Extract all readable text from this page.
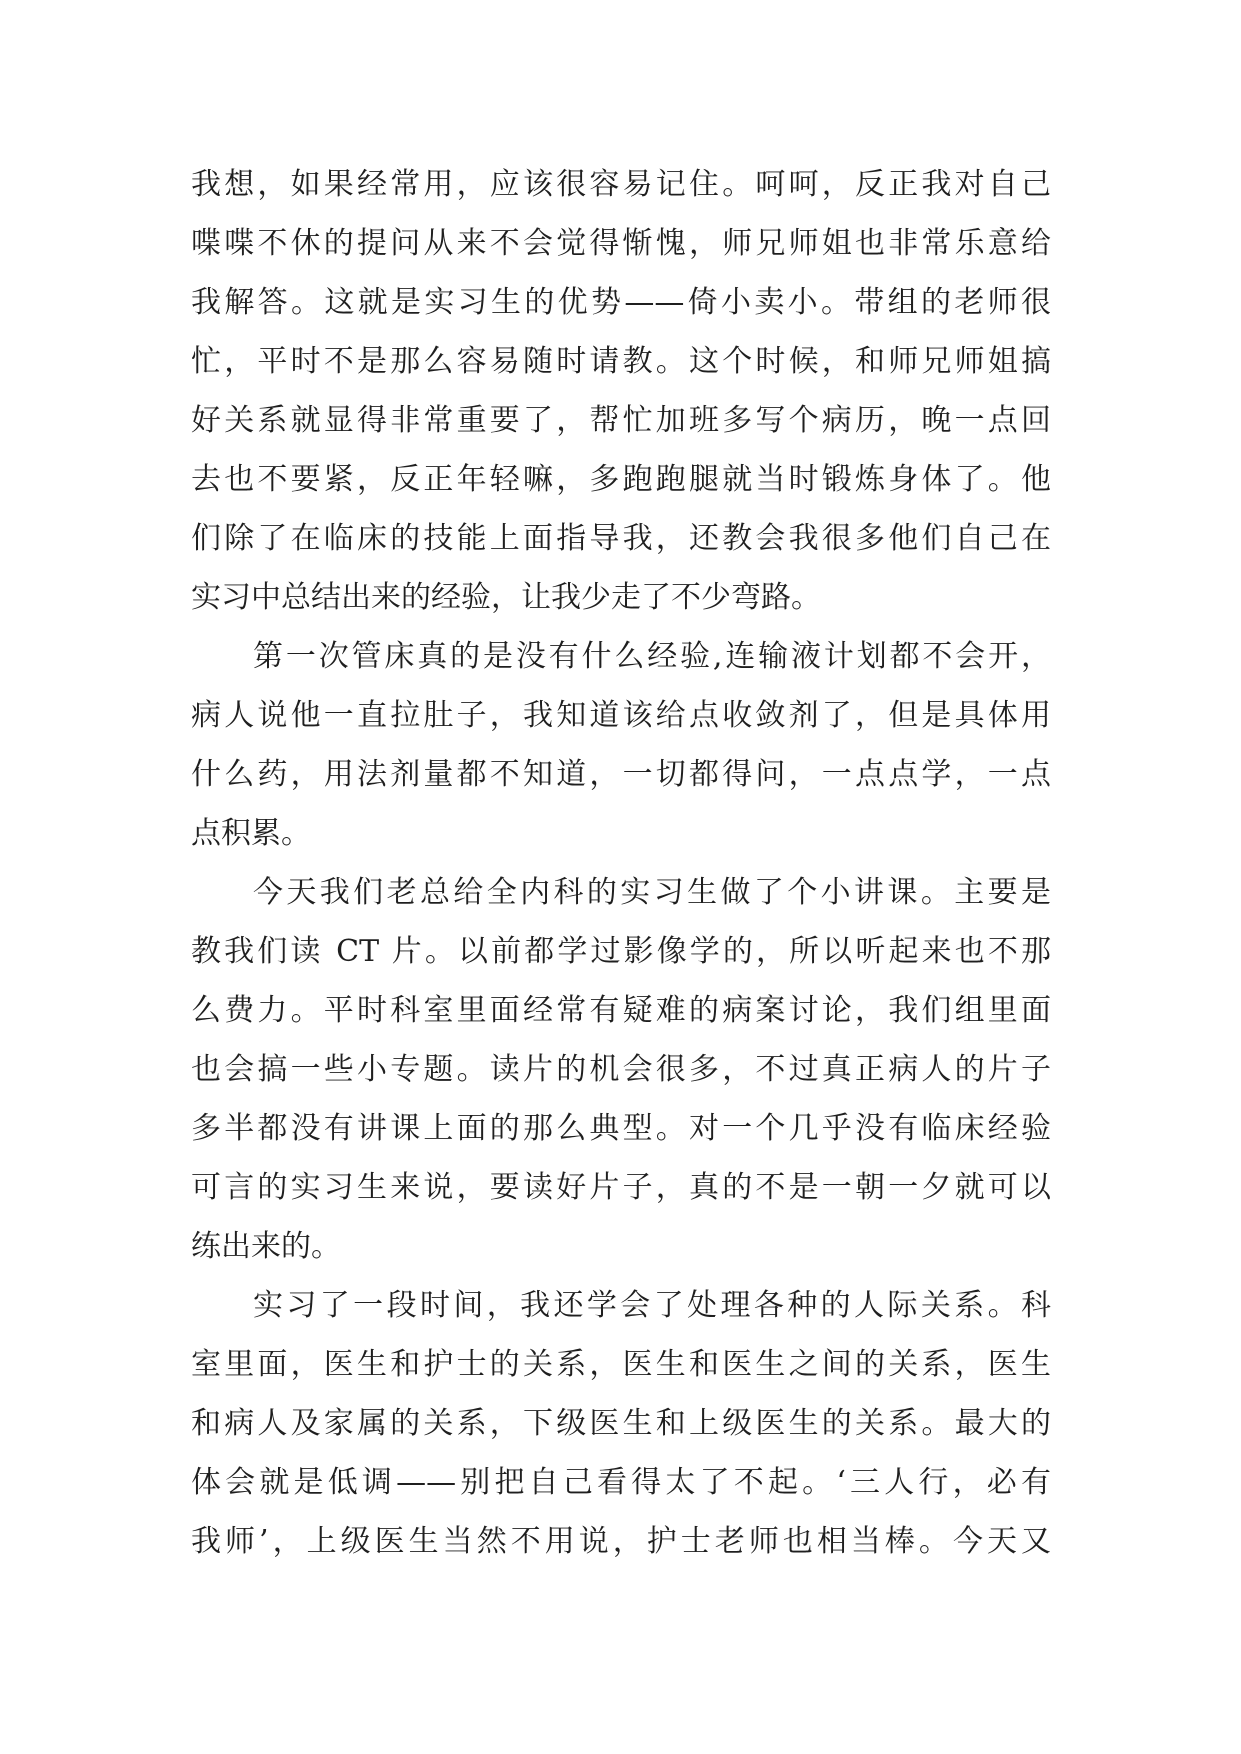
我想，如果经常用，应该很容易记住。呵呵，反正我对自己
喋喋不休的提问从来不会觉得惭愧，师兄师姐也非常乐意给
我解答。这就是实习生的优势——倚小卖小。带组的老师很
忙，平时不是那么容易随时请教。这个时候，和师兄师姐搞
好关系就显得非常重要了，帮忙加班多写个病历，晚一点回
去也不要紧，反正年轻嘛，多跑跑腿就当时锻炼身体了。他
们除了在临床的技能上面指导我，还教会我很多他们自己在
实习中总结出来的经验，让我少走了不少弯路。
第一次管床真的是没有什么经验,连输液计划都不会开，
病人说他一直拉肚子，我知道该给点收敛剂了，但是具体用
什么药，用法剂量都不知道，一切都得问，一点点学，一点
点积累。
今天我们老总给全内科的实习生做了个小讲课。主要是
教我们读 CT 片。以前都学过影像学的，所以听起来也不那
么费力。平时科室里面经常有疑难的病案讨论，我们组里面
也会搞一些小专题。读片的机会很多，不过真正病人的片子
多半都没有讲课上面的那么典型。对一个几乎没有临床经验
可言的实习生来说，要读好片子，真的不是一朝一夕就可以
练出来的。
实习了一段时间，我还学会了处理各种的人际关系。科
室里面，医生和护士的关系，医生和医生之间的关系，医生
和病人及家属的关系，下级医生和上级医生的关系。最大的
体会就是低调——别把自己看得太了不起。‘三人行，必有
我师’，上级医生当然不用说，护士老师也相当棒。今天又
